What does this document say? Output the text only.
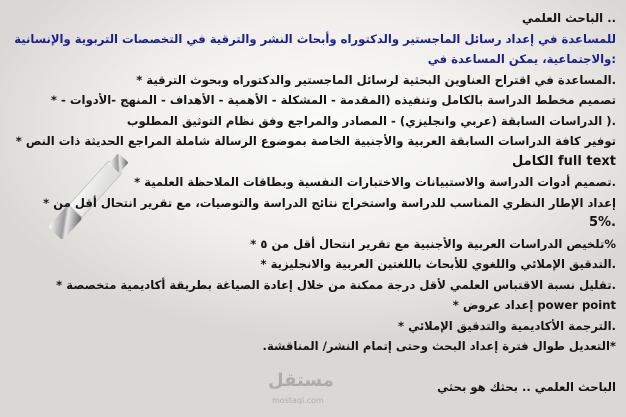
مستقل
mostaql.com
.. الباحث العلمي
للمساعدة في إعداد رسائل الماجستير والدكتوراه وأبحاث النشر والترقية في التخصصات التربوية والإنسانية
:والاجتماعية، يمكن المساعدة في
.المساعدة في اقتراح العناوين البحثية لرسائل الماجستير والدكتوراه وبحوث الترقية *
تصميم مخطط الدراسة بالكامل وتنفيذه (المقدمة - المشكلة - الأهمية - الأهداف - المنهج -الأدوات - *
.( الدراسات السابقة (عربي وانجليزي) - المصادر والمراجع وفق نظام التوثيق المطلوب
توفير كافة الدراسات السابقة العربية والأجنبية الخاصة بموضوع الرسالة شاملة المراجع الحديثة ذات النص *
full text الكامل
.تصميم أدوات الدراسة والاستبيانات والاختبارات النفسية وبطاقات الملاحظة العلمية *
إعداد الإطار النظري المناسب للدراسة واستخراج نتائج الدراسة والتوصيات، مع تقرير انتحال أقل من *
.5%
%تلخيص الدراسات العربية والأجنبية مع تقرير انتحال أقل من ٥ *
.التدقيق الإملائي واللغوي للأبحاث باللغتين العربية والانجليزية *
.تقليل نسبة الاقتباس العلمي لأقل درجة ممكنة من خلال إعادة الصياغة بطريقة أكاديمية متخصصة *
power point إعداد عروض *
.الترجمة الأكاديمية والتدقيق الإملائي *
*التعديل طوال فترة إعداد البحث وحتى إتمام النشر/ المناقشة.
الباحث العلمي .. بحثك هو بحثي
